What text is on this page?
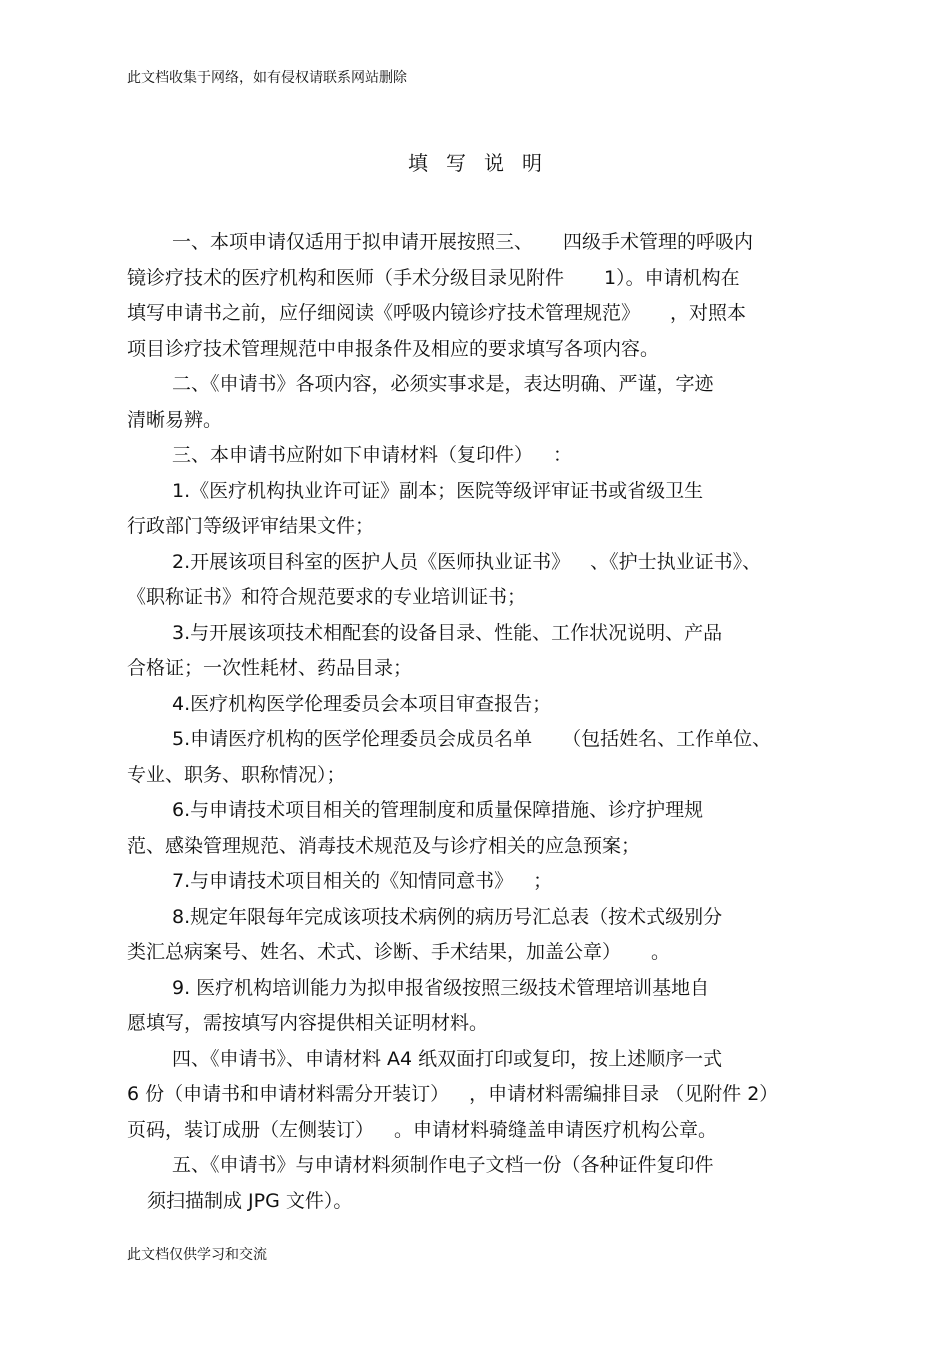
此文档收集于网络，如有侵权请联系网站删除
填写说明
一、本项申请仅适用于拟申请开展按照三、 四级手术管理的呼吸内
镜诊疗技术的医疗机构和医师（手术分级目录见附件 1）。申请机构在
填写申请书之前，应仔细阅读《呼吸内镜诊疗技术管理规范》 ，对照本
项目诊疗技术管理规范中申报条件及相应的要求填写各项内容。
二、《申请书》各项内容，必须实事求是，表达明确、严谨，字迹
清晰易辨。
三、本申请书应附如下申请材料（复印件） ：
1.《医疗机构执业许可证》副本；医院等级评审证书或省级卫生
行政部门等级评审结果文件；
2.开展该项目科室的医护人员《医师执业证书》 、《护士执业证书》、
《职称证书》和符合规范要求的专业培训证书；
3.与开展该项技术相配套的设备目录、性能、工作状况说明、产品
合格证；一次性耗材、药品目录；
4.医疗机构医学伦理委员会本项目审查报告；
5.申请医疗机构的医学伦理委员会成员名单 （包括姓名、工作单位、
专业、职务、职称情况）；
6.与申请技术项目相关的管理制度和质量保障措施、诊疗护理规
范、感染管理规范、消毒技术规范及与诊疗相关的应急预案；
7.与申请技术项目相关的《知情同意书》 ；
8.规定年限每年完成该项技术病例的病历号汇总表（按术式级别分
类汇总病案号、姓名、术式、诊断、手术结果，加盖公章） 。
9. 医疗机构培训能力为拟申报省级按照三级技术管理培训基地自
愿填写，需按填写内容提供相关证明材料。
四、《申请书》、申请材料 A4 纸双面打印或复印，按上述顺序一式
6 份（申请书和申请材料需分开装订） ，申请材料需编排目录 （见附件 2）
页码，装订成册（左侧装订） 。申请材料骑缝盖申请医疗机构公章。
五、《申请书》与申请材料须制作电子文档一份（各种证件复印件
须扫描制成 JPG 文件）。
此文档仅供学习和交流
